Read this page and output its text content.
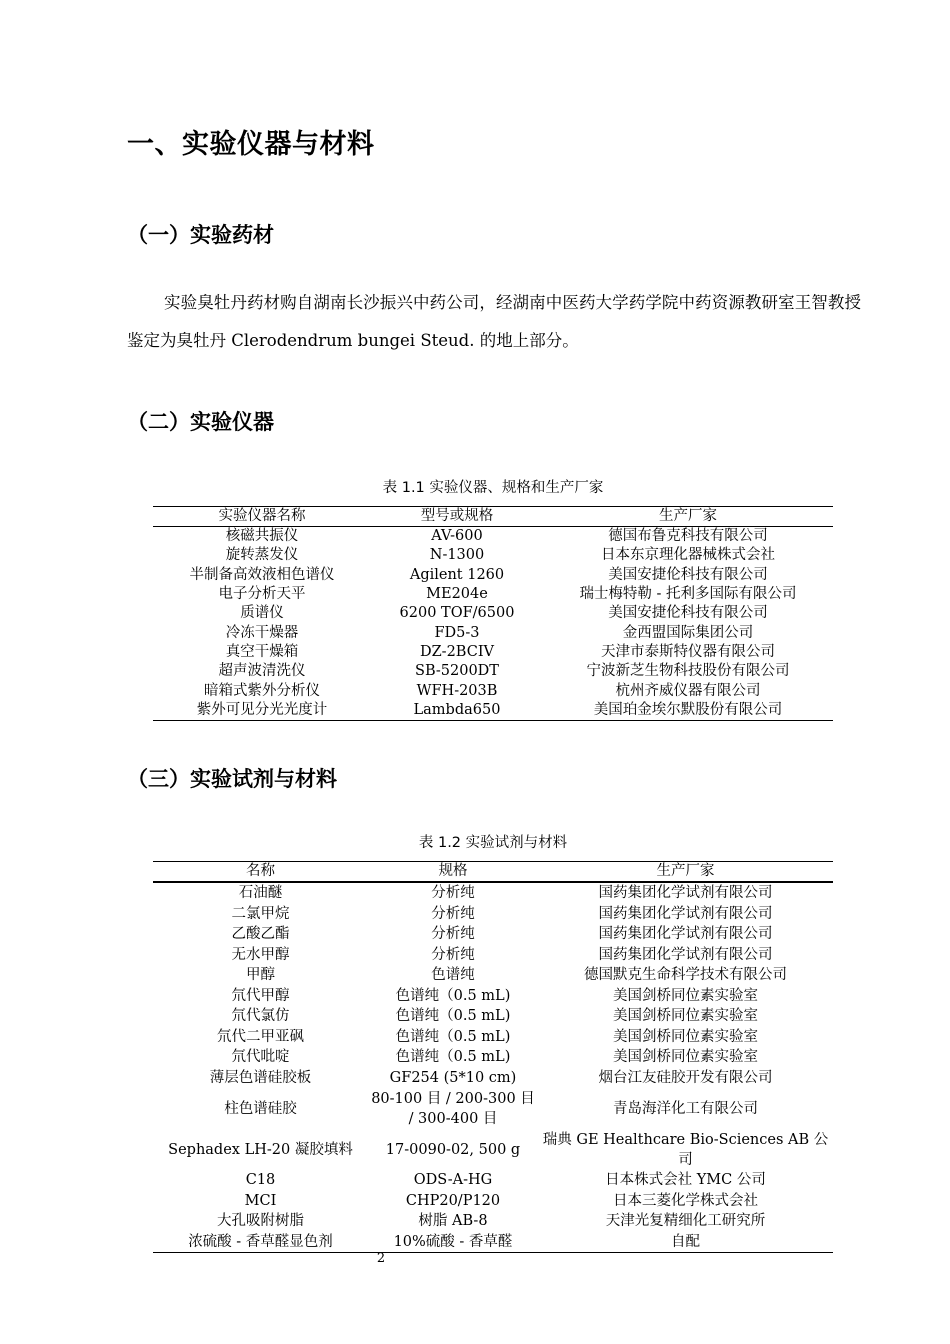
一、实验仪器与材料
（一）实验药材
实验臭牡丹药材购自湖南长沙振兴中药公司，经湖南中医药大学药学院中药资源教研室王智教授鉴定为臭牡丹 Clerodendrum bungei Steud. 的地上部分。
（二）实验仪器
表 1.1 实验仪器、规格和生产厂家
实验仪器名称	型号或规格	生产厂家
核磁共振仪	AV-600	德国布鲁克科技有限公司
旋转蒸发仪	N-1300	日本东京理化器械株式会社
半制备高效液相色谱仪	Agilent 1260	美国安捷伦科技有限公司
电子分析天平	ME204e	瑞士梅特勒 - 托利多国际有限公司
质谱仪	6200 TOF/6500	美国安捷伦科技有限公司
冷冻干燥器	FD5-3	金西盟国际集团公司
真空干燥箱	DZ-2BCIV	天津市泰斯特仪器有限公司
超声波清洗仪	SB-5200DT	宁波新芝生物科技股份有限公司
暗箱式紫外分析仪	WFH-203B	杭州齐威仪器有限公司
紫外可见分光光度计	Lambda650	美国珀金埃尔默股份有限公司
（三）实验试剂与材料
表 1.2 实验试剂与材料
名称	规格	生产厂家
石油醚	分析纯	国药集团化学试剂有限公司
二氯甲烷	分析纯	国药集团化学试剂有限公司
乙酸乙酯	分析纯	国药集团化学试剂有限公司
无水甲醇	分析纯	国药集团化学试剂有限公司
甲醇	色谱纯	德国默克生命科学技术有限公司
氘代甲醇	色谱纯（0.5 mL)	美国剑桥同位素实验室
氘代氯仿	色谱纯（0.5 mL)	美国剑桥同位素实验室
氘代二甲亚砜	色谱纯（0.5 mL)	美国剑桥同位素实验室
氘代吡啶	色谱纯（0.5 mL)	美国剑桥同位素实验室
薄层色谱硅胶板	GF254 (5*10 cm)	烟台江友硅胶开发有限公司
柱色谱硅胶	80-100 目 / 200-300 目 / 300-400 目	青岛海洋化工有限公司
Sephadex LH-20 凝胶填料	17-0090-02, 500 g	瑞典 GE Healthcare Bio-Sciences AB 公司
C18	ODS-A-HG	日本株式会社 YMC 公司
MCI	CHP20/P120	日本三菱化学株式会社
大孔吸附树脂	树脂 AB-8	天津光复精细化工研究所
浓硫酸 - 香草醛显色剂	10%硫酸 - 香草醛	自配
2
